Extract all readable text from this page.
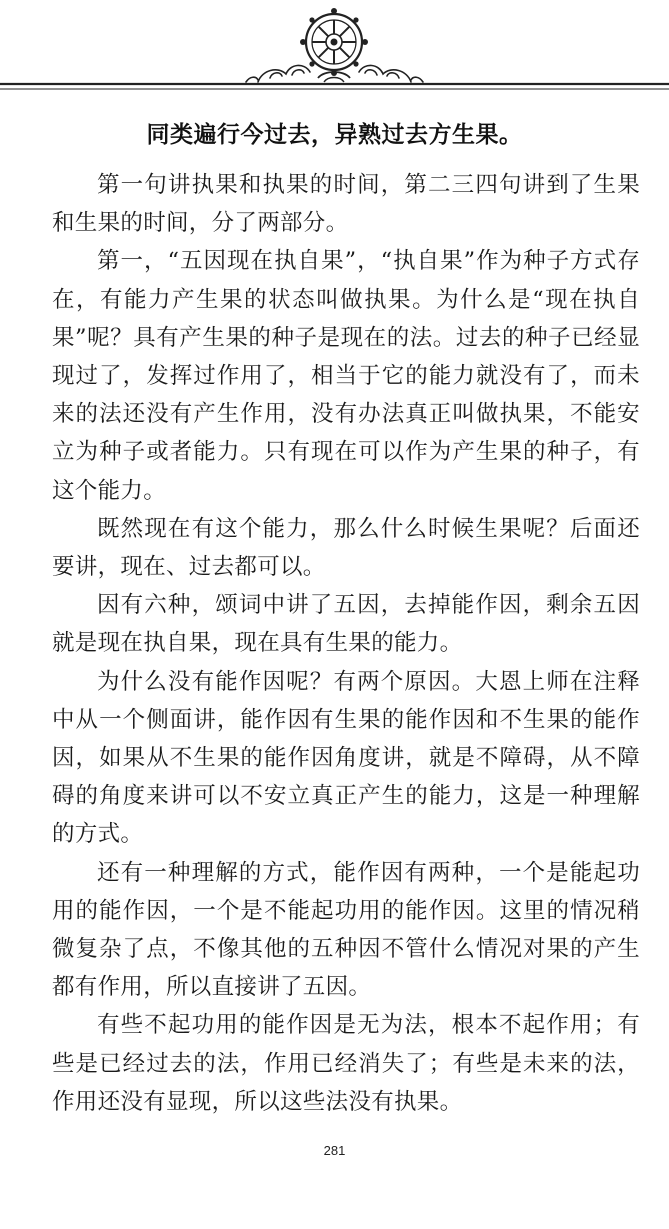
同类遍行今过去，异熟过去方生果。

第一句讲执果和执果的时间，第二三四句讲到了生果和生果的时间，分了两部分。

第一，“五因现在执自果”，“执自果”作为种子方式存在，有能力产生果的状态叫做执果。为什么是“现在执自果”呢？具有产生果的种子是现在的法。过去的种子已经显现过了，发挥过作用了，相当于它的能力就没有了，而未来的法还没有产生作用，没有办法真正叫做执果，不能安立为种子或者能力。只有现在可以作为产生果的种子，有这个能力。

既然现在有这个能力，那么什么时候生果呢？后面还要讲，现在、过去都可以。

因有六种，颂词中讲了五因，去掉能作因，剩余五因就是现在执自果，现在具有生果的能力。

为什么没有能作因呢？有两个原因。大恩上师在注释中从一个侧面讲，能作因有生果的能作因和不生果的能作因，如果从不生果的能作因角度讲，就是不障碍，从不障碍的角度来讲可以不安立真正产生的能力，这是一种理解的方式。

还有一种理解的方式，能作因有两种，一个是能起功用的能作因，一个是不能起功用的能作因。这里的情况稍微复杂了点，不像其他的五种因不管什么情况对果的产生都有作用，所以直接讲了五因。

有些不起功用的能作因是无为法，根本不起作用；有些是已经过去的法，作用已经消失了；有些是未来的法，作用还没有显现，所以这些法没有执果。

281
